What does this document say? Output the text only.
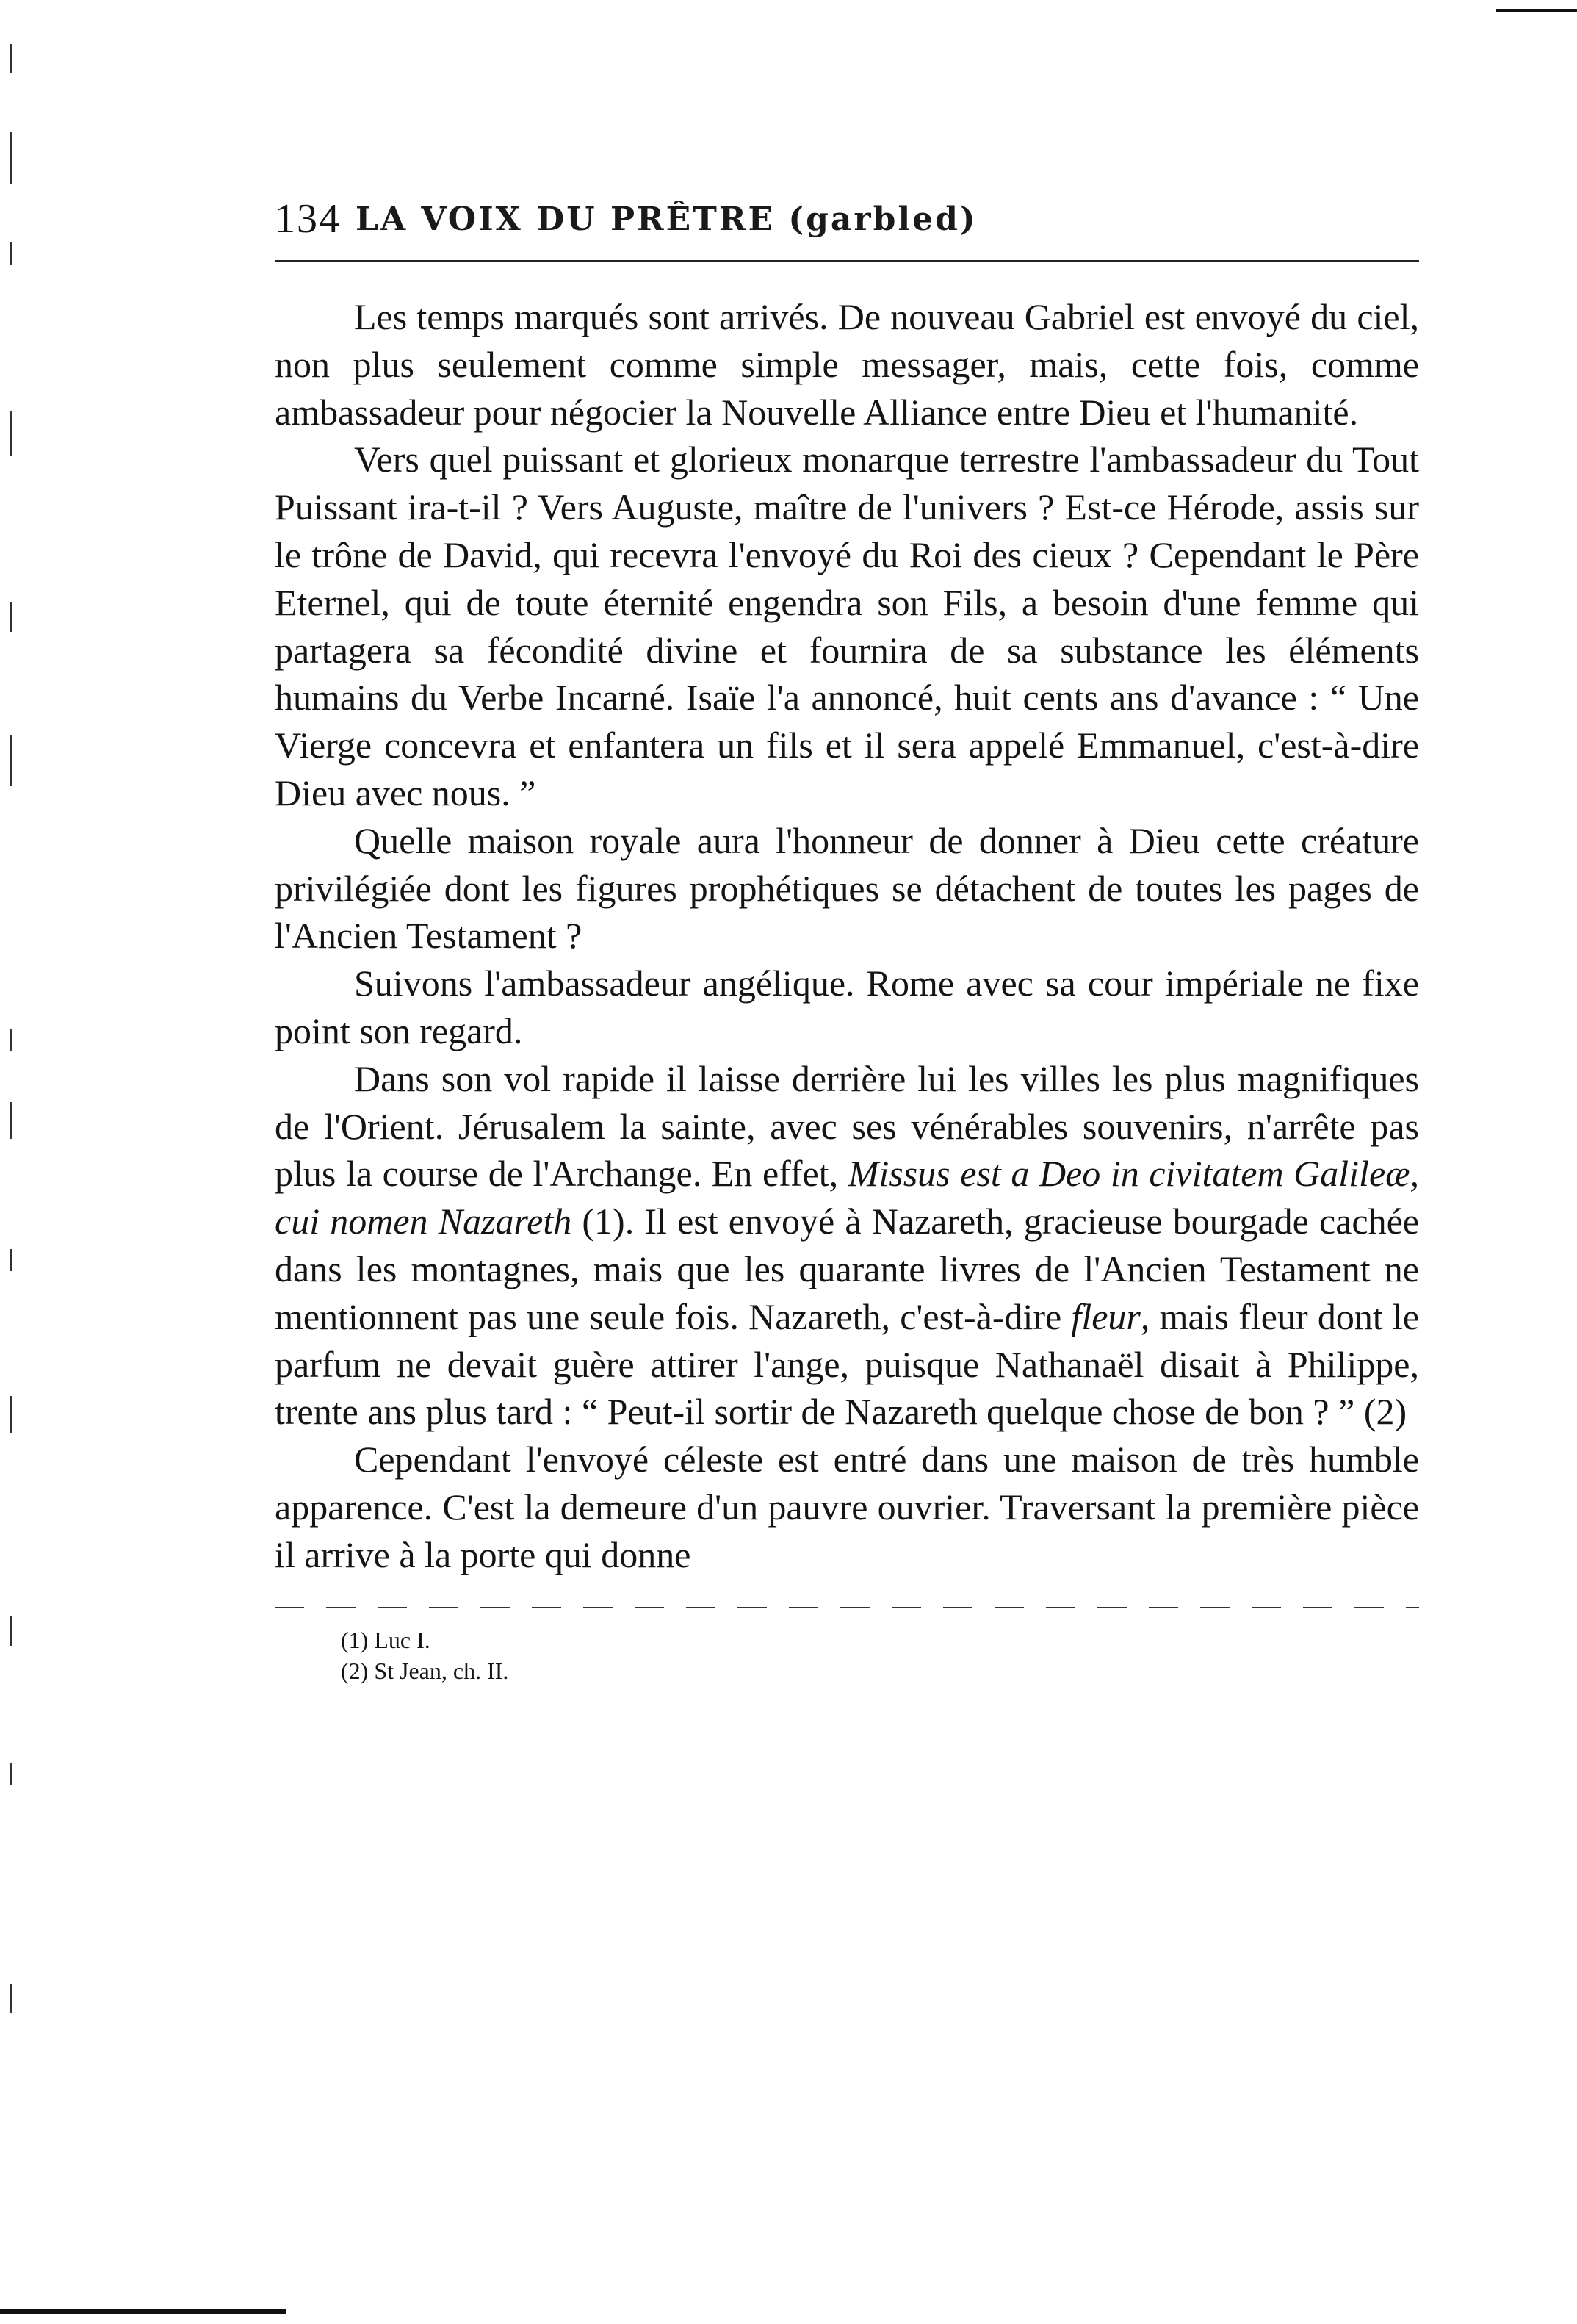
134 LA VOIX DU PRÊTRE (garbled)

Les temps marqués sont arrivés. De nouveau Gabriel est envoyé du ciel, non plus seulement comme simple messager, mais, cette fois, comme ambassadeur pour négocier la Nouvelle Alliance entre Dieu et l'humanité.

Vers quel puissant et glorieux monarque terrestre l'ambassadeur du Tout Puissant ira-t-il ? Vers Auguste, maître de l'univers ? Est-ce Hérode, assis sur le trône de David, qui recevra l'envoyé du Roi des cieux ? Cependant le Père Eternel, qui de toute éternité engendra son Fils, a besoin d'une femme qui partagera sa fécondité divine et fournira de sa substance les éléments humains du Verbe Incarné. Isaïe l'a annoncé, huit cents ans d'avance : “ Une Vierge concevra et enfantera un fils et il sera appelé Emmanuel, c'est-à-dire Dieu avec nous. ”

Quelle maison royale aura l'honneur de donner à Dieu cette créature privilégiée dont les figures prophétiques se détachent de toutes les pages de l'Ancien Testament ?

Suivons l'ambassadeur angélique. Rome avec sa cour impériale ne fixe point son regard.

Dans son vol rapide il laisse derrière lui les villes les plus magnifiques de l'Orient. Jérusalem la sainte, avec ses vénérables souvenirs, n'arrête pas plus la course de l'Archange. En effet, Missus est a Deo in civitatem Galileæ, cui nomen Nazareth (1). Il est envoyé à Nazareth, gracieuse bourgade cachée dans les montagnes, mais que les quarante livres de l'Ancien Testament ne mentionnent pas une seule fois. Nazareth, c'est-à-dire fleur, mais fleur dont le parfum ne devait guère attirer l'ange, puisque Nathanaël disait à Philippe, trente ans plus tard : “ Peut-il sortir de Nazareth quelque chose de bon ? ” (2)

Cependant l'envoyé céleste est entré dans une maison de très humble apparence. C'est la demeure d'un pauvre ouvrier. Traversant la première pièce il arrive à la porte qui donne

(1) Luc I.
(2) St Jean, ch. II.
